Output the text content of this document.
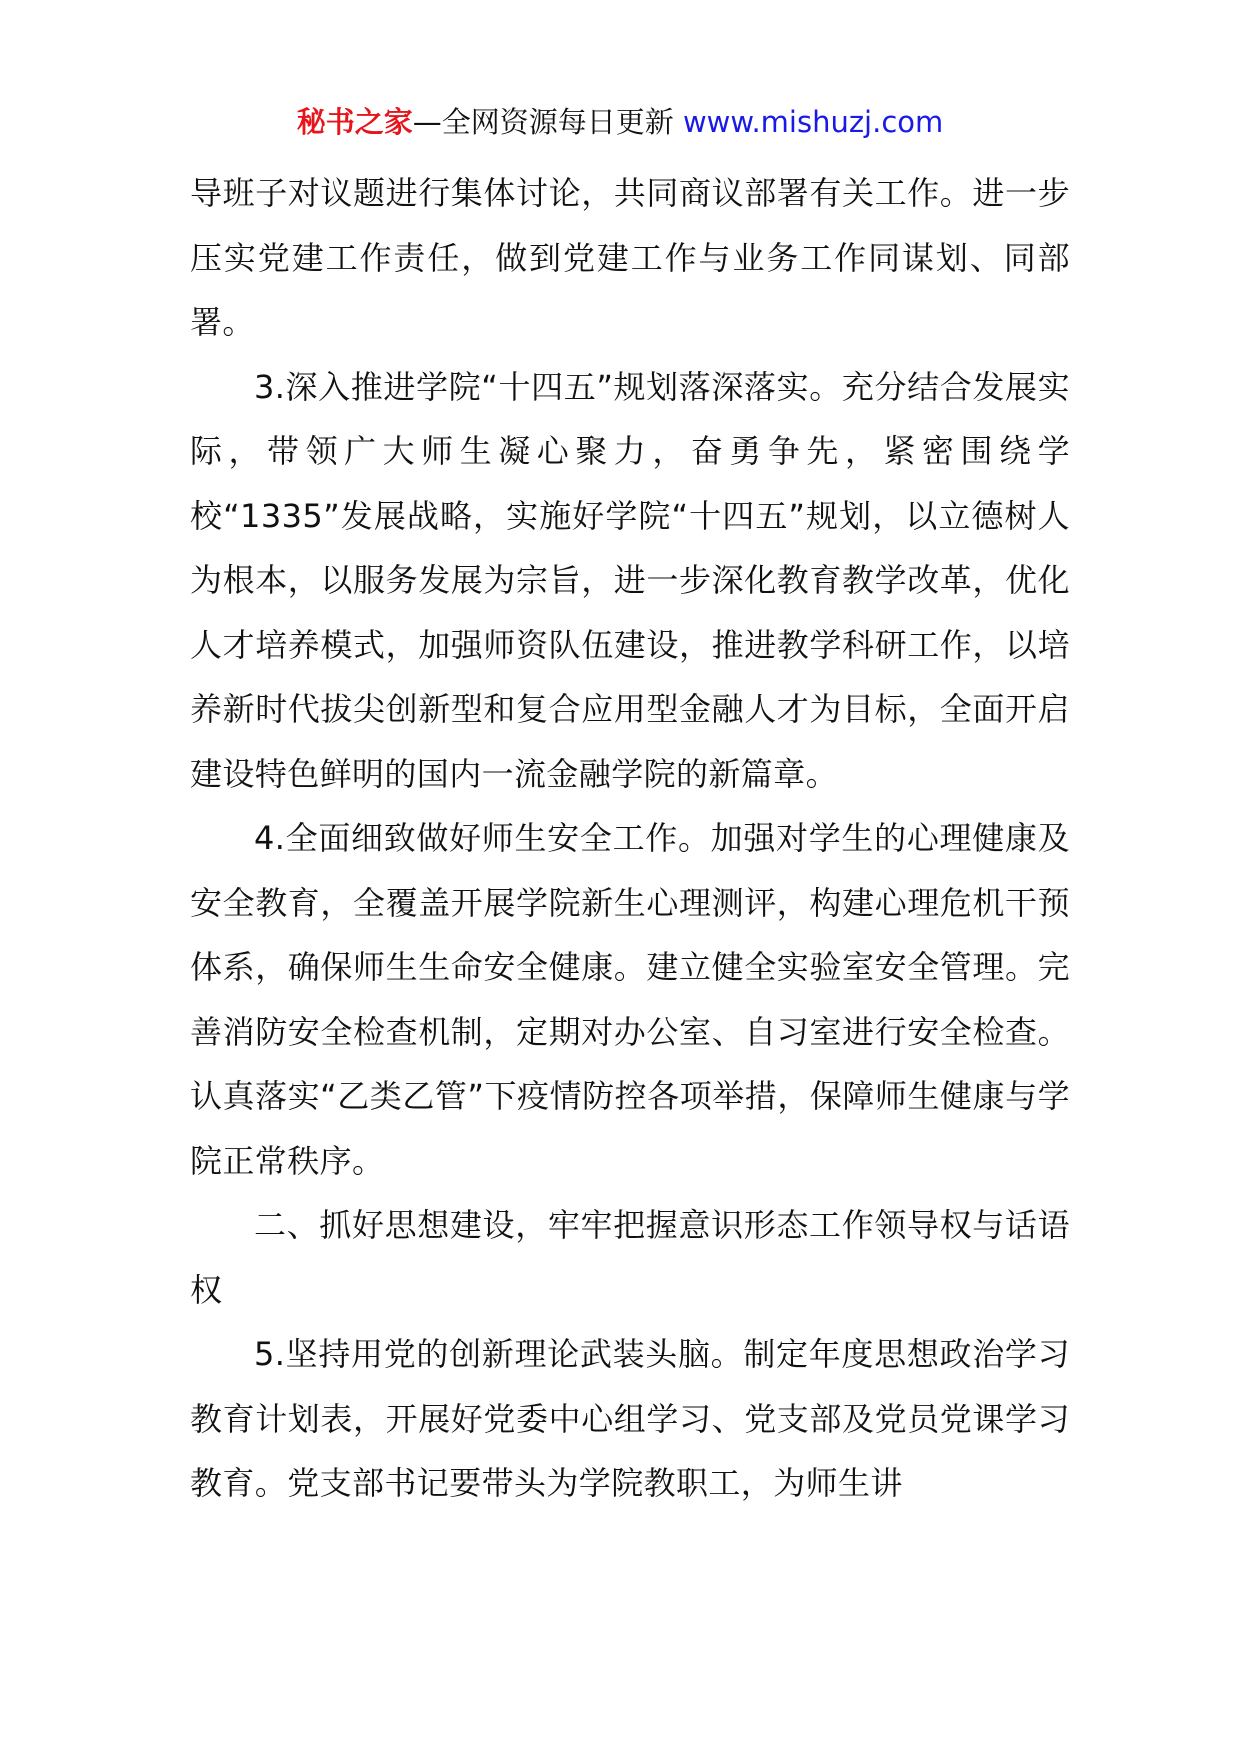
秘书之家—全网资源每日更新 www.mishuzj.com

导班子对议题进行集体讨论，共同商议部署有关工作。进一步压实党建工作责任，做到党建工作与业务工作同谋划、同部署。

3.深入推进学院“十四五”规划落深落实。充分结合发展实际，带领广大师生凝心聚力，奋勇争先，紧密围绕学校“1335”发展战略，实施好学院“十四五”规划，以立德树人为根本，以服务发展为宗旨，进一步深化教育教学改革，优化人才培养模式，加强师资队伍建设，推进教学科研工作，以培养新时代拔尖创新型和复合应用型金融人才为目标，全面开启建设特色鲜明的国内一流金融学院的新篇章。

4.全面细致做好师生安全工作。加强对学生的心理健康及安全教育，全覆盖开展学院新生心理测评，构建心理危机干预体系，确保师生生命安全健康。建立健全实验室安全管理。完善消防安全检查机制，定期对办公室、自习室进行安全检查。认真落实“乙类乙管”下疫情防控各项举措，保障师生健康与学院正常秩序。

二、抓好思想建设，牢牢把握意识形态工作领导权与话语权

5.坚持用党的创新理论武装头脑。制定年度思想政治学习教育计划表，开展好党委中心组学习、党支部及党员党课学习教育。党支部书记要带头为学院教职工，为师生讲
